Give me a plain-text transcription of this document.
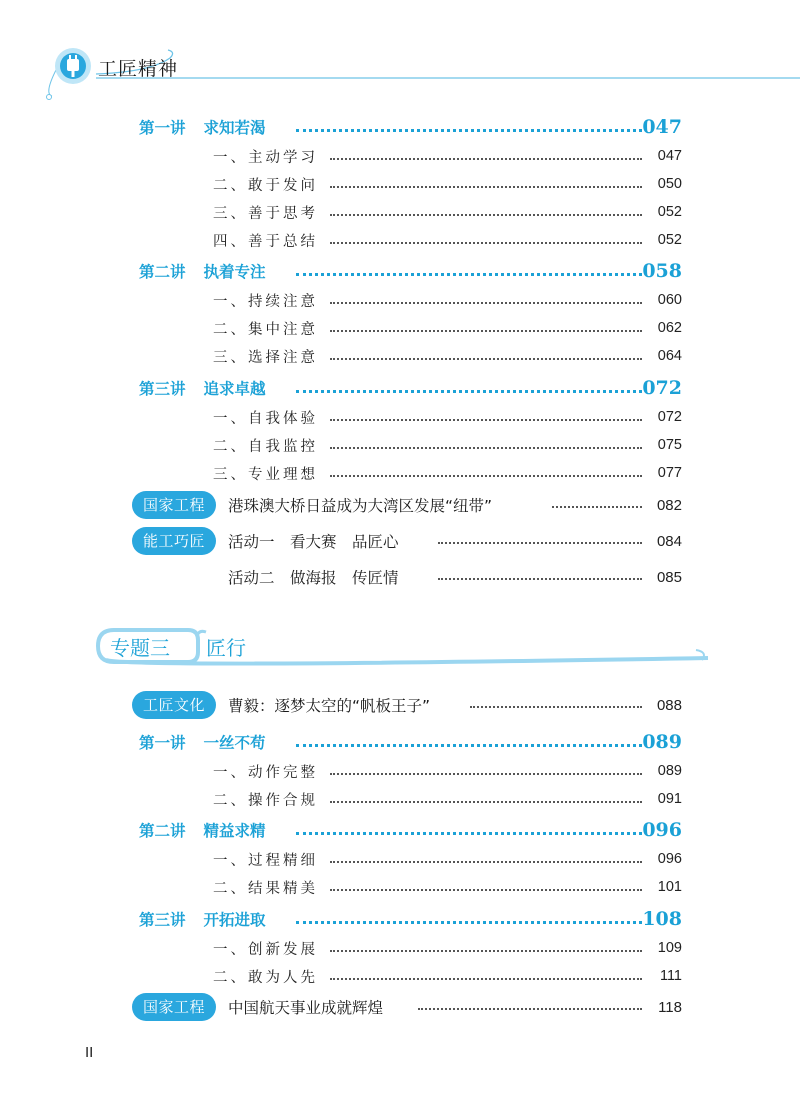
工匠精神
第一讲 求知若渴	047
一、主动学习	047
二、敢于发问	050
三、善于思考	052
四、善于总结	052
第二讲 执着专注	058
一、持续注意	060
二、集中注意	062
三、选择注意	064
第三讲 追求卓越	072
一、自我体验	072
二、自我监控	075
三、专业理想	077
国家工程	港珠澳大桥日益成为大湾区发展“纽带”	082
能工巧匠	活动一　看大赛　品匠心	084
活动二　做海报　传匠情	085
专题三 匠行
工匠文化	曹毅：逐梦太空的“帆板王子”	088
第一讲 一丝不苟	089
一、动作完整	089
二、操作合规	091
第二讲 精益求精	096
一、过程精细	096
二、结果精美	101
第三讲 开拓进取	108
一、创新发展	109
二、敢为人先	111
国家工程	中国航天事业成就辉煌	118
II
